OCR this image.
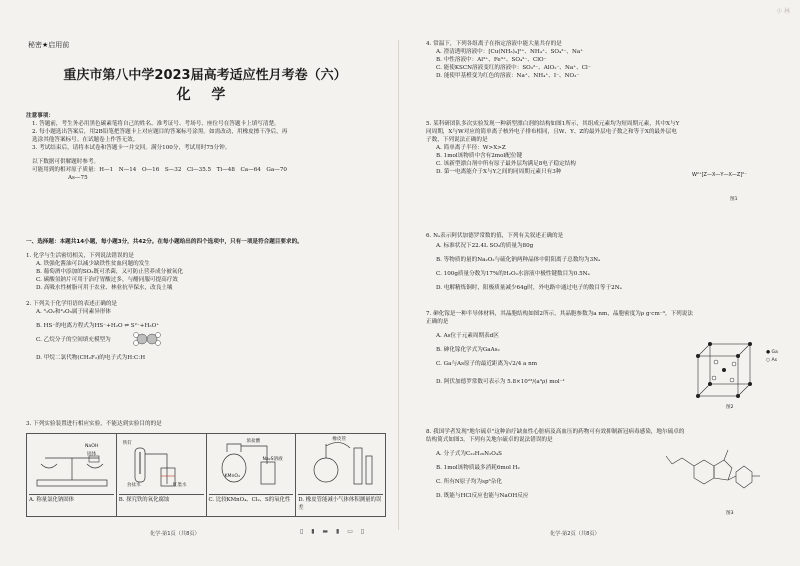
小 林
秘密★启用前
重庆市第八中学2023届高考适应性月考卷（六）
化 学
注意事项：
1. 答题前，考生务必用黑色碳素笔将自己的姓名、准考证号、考场号、座位号在答题卡上填写清楚。
2. 每小题选出答案后，用2B铅笔把答题卡上对应题目的答案标号涂黑。如需改动，用橡皮擦干净后，再
选涂其他答案标号。在试题卷上作答无效。
3. 考试结束后，请将本试卷和答题卡一并交回。满分100分，考试用时75分钟。
以下数据可供解题时参考。
可能用到的相对原子质量：H—1　N—14　O—16　S—32　Cl—35.5　Ti—48　Ca—64　Ga—70
As—75
一、选择题：本题共14小题，每小题3分，共42分。在每小题给出的四个选项中，只有一项是符合题目要求的。
1. 化学与生活密切相关，下列说法错误的是
A. 铁强化酱油可以减少缺铁性贫血问题的发生
B. 葡萄酒中添加的SO₂既可杀菌，又可防止营养成分被氧化
C. 碳酸氢钠片可用于治疗胃酸过多，与醋同服可提高疗效
D. 高吸水性树脂可用于农业、林业抗旱保水，改良土壤
2. 下列关于化学用语的表述正确的是
A. ³₂O₂和⁴₂O₃属于同素异形体
B. HS⁻的电离方程式为HS⁻+H₂O ⇌ S²⁻+H₃O⁺
C. 乙烷分子的空间填充模型为
D. 甲烷二氯代物(CH₂F₂)的电子式为H:C:H
3. 下列实验装置进行相应实验，不能达到实验目的的是
NaOH
固体
A. 称量氯化钠固体
铁钉
食盐水	红墨水
B. 探究铁的氧化腐蚀
浓盐酸
KMnO₄
Na₂S溶液
C. 比较KMnO₄、Cl₂、S的氧化性
橡皮管
D. 橡皮管能减小气体体积测量的误差
化学·第1页（共8页）
4. 常温下，下列各组离子在指定溶液中能大量共存的是
A. 澄清透明溶液中：[Cu(NH₃)₄]²⁺、NH₄⁺、SO₄²⁻、Na⁺
B. 中性溶液中：Al³⁺、Fe³⁺、SO₄²⁻、ClO⁻
C. 能使KSCN溶液变红的溶液中：SO₃²⁻、AlO₂⁻、Na⁺、Cl⁻
D. 能使甲基橙变为红色的溶液：Na⁺、NH₄⁺、I⁻、NO₃⁻
5. 某科研团队多次实验发现一种新型漂白剂的结构如图1所示，其组成元素均为短周期元素，其中X与Y
同周期，X与W对应的简单离子核外电子排布相同，且W、Y、Z的最外层电子数之和等于X的最外层电
子数，下列说法正确的是
A. 简单离子半径：W>X>Z
B. 1mol该物质中含有2mol配位键
C. 该新型漂白剂中所有原子最外层均满足8电子稳定结构
D. 第一电离能介于X与Y之间的同周期元素只有3种	W²⁺[Z—X—Y—X—Z]²⁻
图1
6. Nₐ表示阿伏加德罗常数的值，下列有关叙述正确的是
A. 标准状况下22.4L SO₃的质量为80g
B. 等物质的量的Na₂O₂与硫化钠两种晶体中阴阳离子总数均为3Nₐ
C. 100g质量分数为17%的H₂O₂水溶液中极性键数目为0.5Nₐ
D. 电解精炼铜时，阳极质量减少64g时，外电路中通过电子的数目等于2Nₐ
7. 砷化镓是一种半导体材料，其晶胞结构如图2所示，其晶胞参数为a nm，晶胞密度为ρ g·cm⁻³，下列说法
正确的是
A. As位于元素周期表d区
B. 砷化镓化学式为GaAs₂
C. Ga与As原子的最近距离为√2/4 a nm
D. 阿伏加德罗常数可表示为 5.8×10²³/(a³ρ) mol⁻¹
● Ga
○ As
图2
8. 我国学者发现"地尔硫卓"这种治疗缺血性心脏病及高血压的药物可有效抑制新冠病毒感染，地尔硫卓的
结构简式如图3，下列有关地尔硫卓的说法错误的是
A. 分子式为C₂₂H₂₆N₂O₄S
B. 1mol该物质最多消耗6mol H₂
C. 所有N原子均为sp³杂化
D. 既能与HCl反应也能与NaOH反应
图3
化学·第2页（共8页）
▯ ▮ ▬ ▮ ▭ ▯
